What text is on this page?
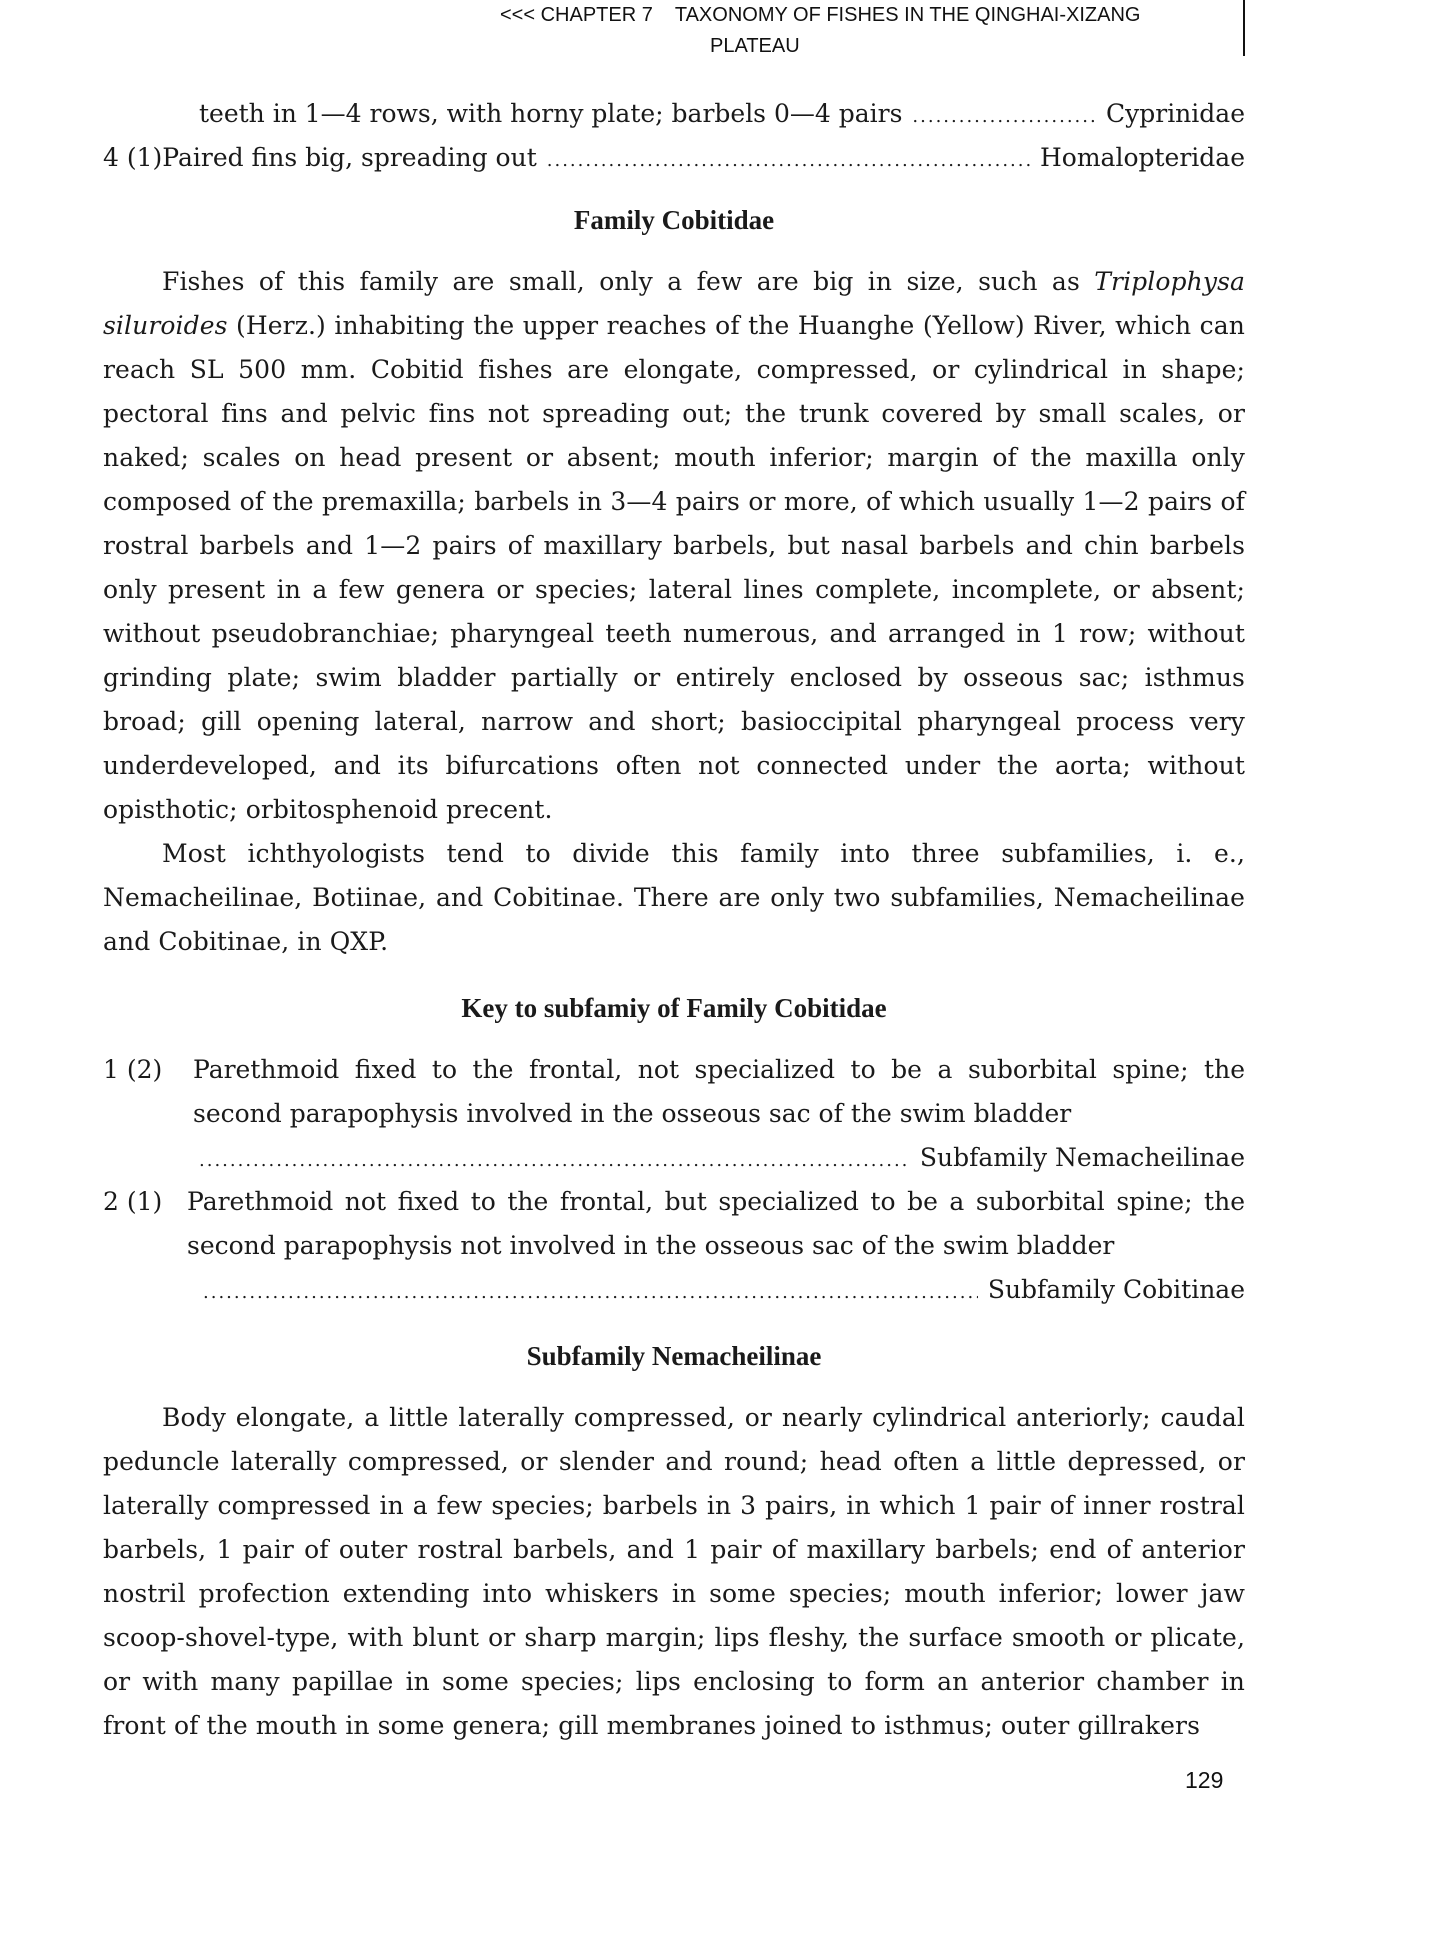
<<< CHAPTER 7 TAXONOMY OF FISHES IN THE QINGHAI-XIZANG
PLATEAU
teeth in 1—4 rows, with horny plate; barbels 0—4 pairs .....	Cyprinidae
4 (1) Paired fins big, spreading out .....	Homalopteridae
Family Cobitidae

Fishes of this family are small, only a few are big in size, such as Triplophysa siluroides (Herz.) inhabiting the upper reaches of the Huanghe (Yellow) River, which can reach SL 500 mm. Cobitid fishes are elongate, compressed, or cylindrical in shape; pectoral fins and pelvic fins not spreading out; the trunk covered by small scales, or naked; scales on head present or absent; mouth inferior; margin of the maxilla only composed of the premaxilla; barbels in 3—4 pairs or more, of which usually 1—2 pairs of rostral barbels and 1—2 pairs of maxillary barbels, but nasal barbels and chin barbels only present in a few genera or species; lateral lines complete, incomplete, or absent; without pseudobranchiae; pharyngeal teeth numerous, and arranged in 1 row; without grinding plate; swim bladder partially or entirely enclosed by osseous sac; isthmus broad; gill opening lateral, narrow and short; basioccipital pharyngeal process very underdeveloped, and its bifurcations often not connected under the aorta; without opisthotic; orbitosphenoid precent.

Most ichthyologists tend to divide this family into three subfamilies, i. e., Nemacheilinae, Botiinae, and Cobitinae. There are only two subfamilies, Nemacheilinae and Cobitinae, in QXP.

Key to subfamiy of Family Cobitidae
1 (2)	Parethmoid fixed to the frontal, not specialized to be a suborbital spine; the second parapophysis involved in the osseous sac of the swim bladder
.....
Subfamily Nemacheilinae
2 (1) Parethmoid not fixed to the frontal, but specialized to be a suborbital spine; the second parapophysis not involved in the osseous sac of the swim bladder
.....
Subfamily Cobitinae
Subfamily Nemacheilinae

Body elongate, a little laterally compressed, or nearly cylindrical anteriorly; caudal peduncle laterally compressed, or slender and round; head often a little depressed, or laterally compressed in a few species; barbels in 3 pairs, in which 1 pair of inner rostral barbels, 1 pair of outer rostral barbels, and 1 pair of maxillary barbels; end of anterior nostril profection extending into whiskers in some species; mouth inferior; lower jaw scoop-shovel-type, with blunt or sharp margin; lips fleshy, the surface smooth or plicate, or with many papillae in some species; lips enclosing to form an anterior chamber in front of the mouth in some genera; gill membranes joined to isthmus; outer gillrakers

129
